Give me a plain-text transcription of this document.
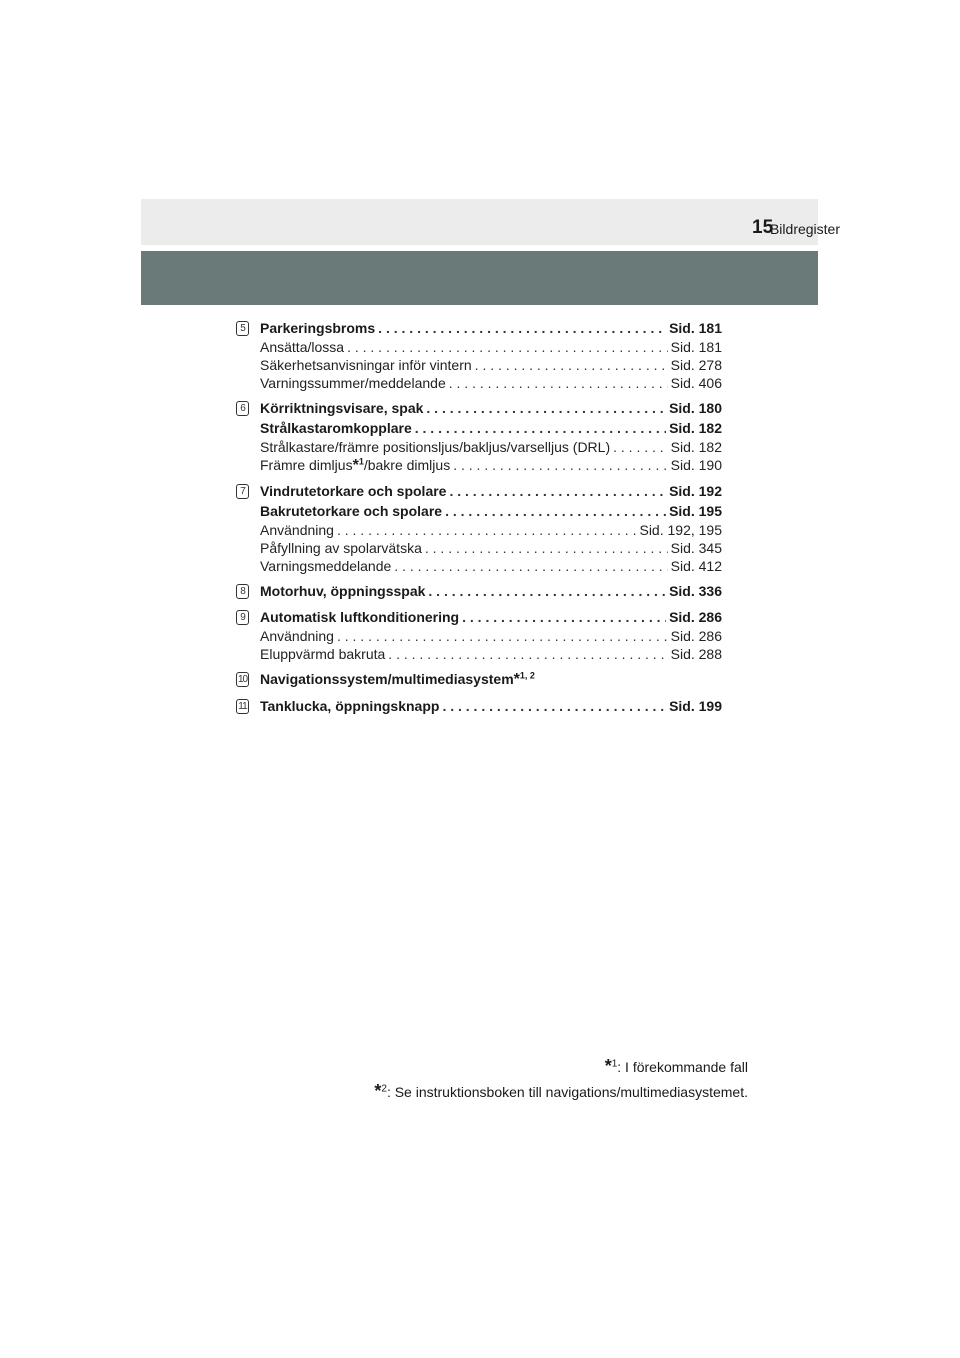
Bildregister
15
5	Parkeringsbroms . . .	Sid. 181
Ansätta/lossa . . .	Sid. 181
Säkerhetsanvisningar inför vintern . . .	Sid. 278
Varningssummer/meddelande . . .	Sid. 406
6	Körriktningsvisare, spak . . .	Sid. 180
Strålkastaromkopplare . . .	Sid. 182
Strålkastare/främre positionsljus/bakljus/varselljus (DRL) . . .	Sid. 182
Främre dimljus*$^1$/bakre dimljus . . .	Sid. 190
7	Vindrutetorkare och spolare . . .	Sid. 192
Bakrutetorkare och spolare . . .	Sid. 195
Användning . . .	Sid. 192, 195
Påfyllning av spolarvätska . . .	Sid. 345
Varningsmeddelande . . .	Sid. 412
8	Motorhuv, öppningsspak . . .	Sid. 336
9	Automatisk luftkonditionering . . .	Sid. 286
Användning . . .	Sid. 286
Eluppvärmd bakruta . . .	Sid. 288
10 Navigationssystem/multimediasystem*$^{1, 2}$
11 Tanklucka, öppningsknapp . . .	Sid. 199
*$^1$: I förekommande fall
*$^2$: Se instruktionsboken till navigations/multimediasystemet.
